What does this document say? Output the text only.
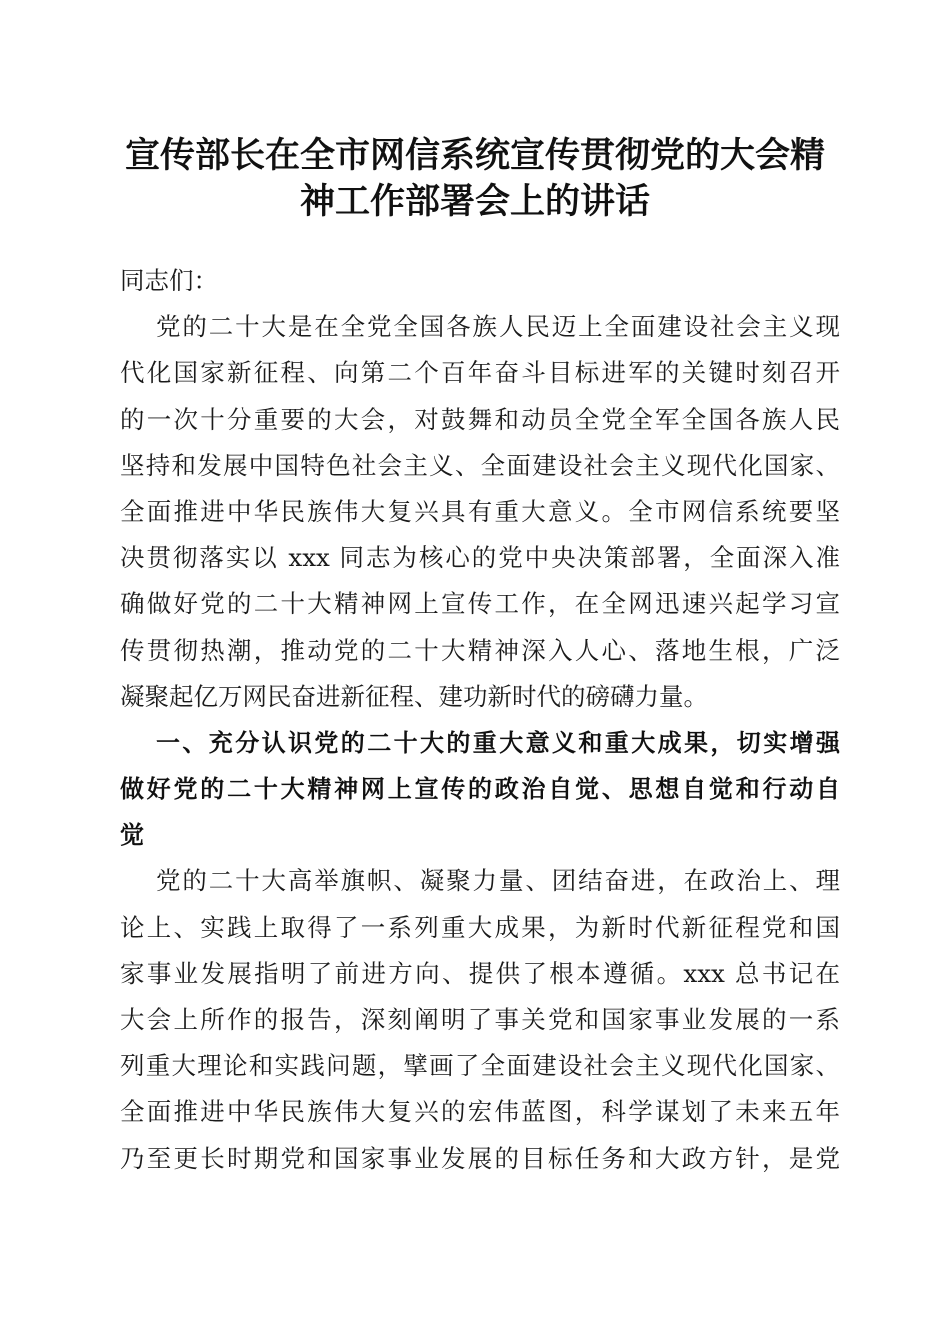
宣传部长在全市网信系统宣传贯彻党的大会精
神工作部署会上的讲话
同志们：
党的二十大是在全党全国各族人民迈上全面建设社会主义现
代化国家新征程、向第二个百年奋斗目标进军的关键时刻召开
的一次十分重要的大会，对鼓舞和动员全党全军全国各族人民
坚持和发展中国特色社会主义、全面建设社会主义现代化国家、
全面推进中华民族伟大复兴具有重大意义。全市网信系统要坚
决贯彻落实以 xxx 同志为核心的党中央决策部署，全面深入准
确做好党的二十大精神网上宣传工作，在全网迅速兴起学习宣
传贯彻热潮，推动党的二十大精神深入人心、落地生根，广泛
凝聚起亿万网民奋进新征程、建功新时代的磅礴力量。
一、充分认识党的二十大的重大意义和重大成果，切实增强
做好党的二十大精神网上宣传的政治自觉、思想自觉和行动自
觉
党的二十大高举旗帜、凝聚力量、团结奋进，在政治上、理
论上、实践上取得了一系列重大成果，为新时代新征程党和国
家事业发展指明了前进方向、提供了根本遵循。xxx 总书记在
大会上所作的报告，深刻阐明了事关党和国家事业发展的一系
列重大理论和实践问题，擘画了全面建设社会主义现代化国家、
全面推进中华民族伟大复兴的宏伟蓝图，科学谋划了未来五年
乃至更长时期党和国家事业发展的目标任务和大政方针，是党
